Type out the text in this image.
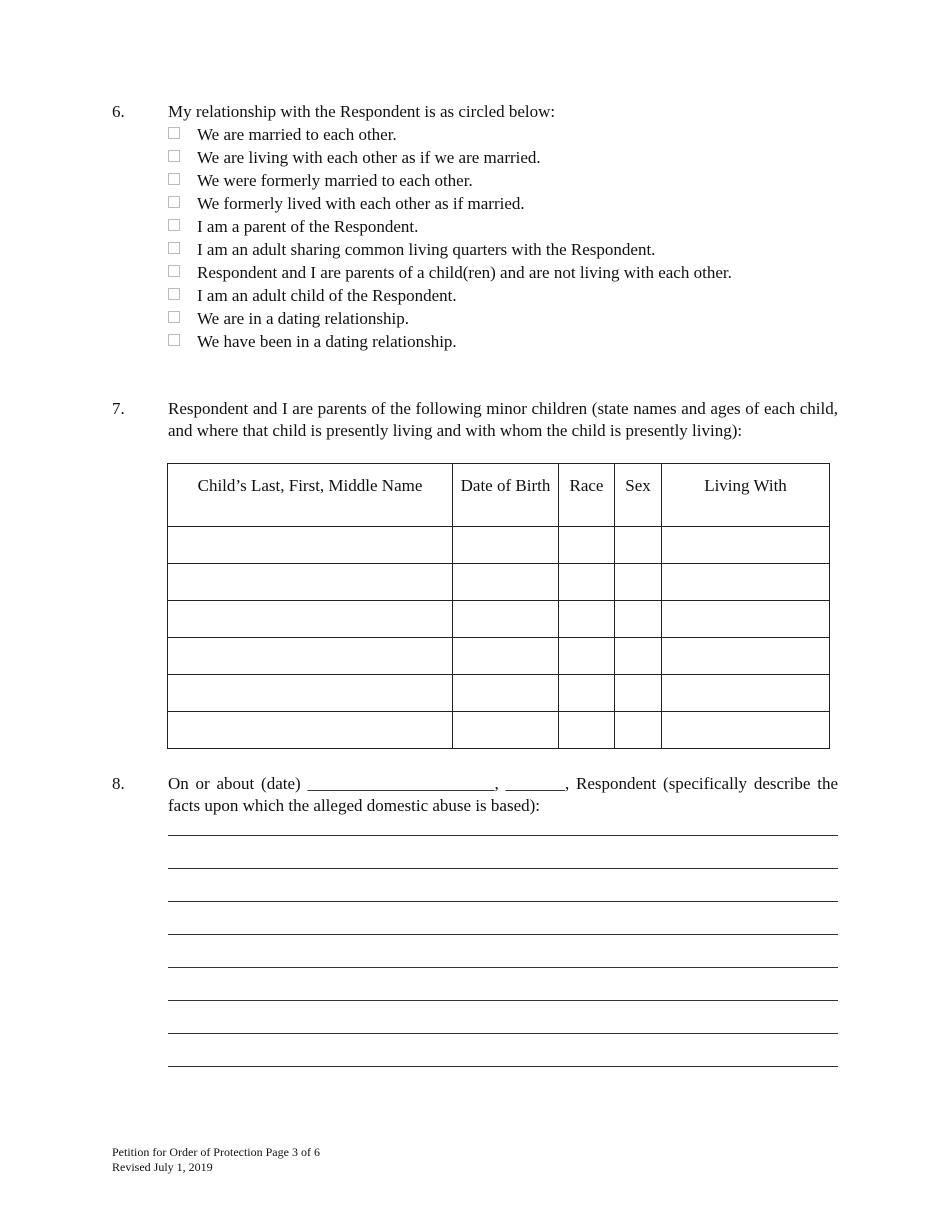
6.	My relationship with the Respondent is as circled below:
We are married to each other.
We are living with each other as if we are married.
We were formerly married to each other.
We formerly lived with each other as if married.
I am a parent of the Respondent.
I am an adult sharing common living quarters with the Respondent.
Respondent and I are parents of a child(ren) and are not living with each other.
I am an adult child of the Respondent.
We are in a dating relationship.
We have been in a dating relationship.
7.	Respondent and I are parents of the following minor children (state names and ages of each child, and where that child is presently living and with whom the child is presently living):
Child’s Last, First, Middle Name	Date of Birth	Race	Sex	Living With

8.	On or about (date) ______________________, _______, Respondent (specifically describe the facts upon which the alleged domestic abuse is based):
Petition for Order of Protection Page 3 of 6
Revised July 1, 2019
